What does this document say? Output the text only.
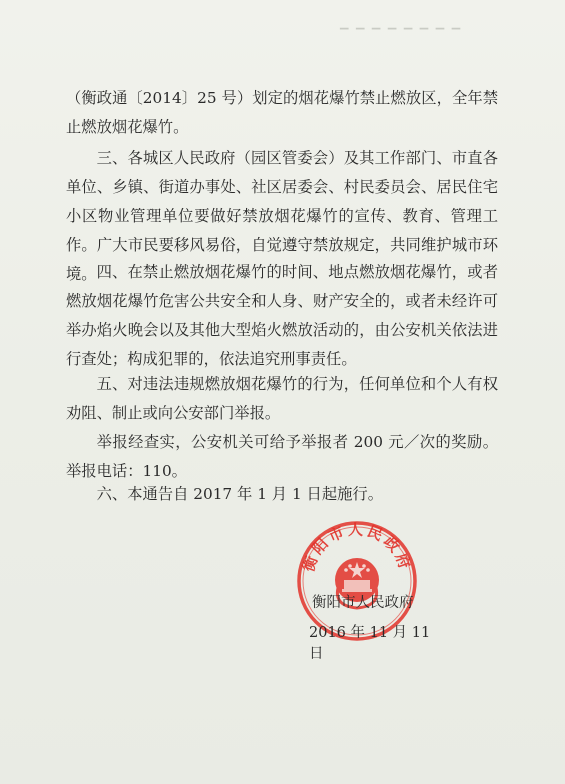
▔ ▔ ▔ ▔ ▔ ▔ ▔ ▔

（衡政通〔2014〕25 号）划定的烟花爆竹禁止燃放区，全年禁止燃放烟花爆竹。

三、各城区人民政府（园区管委会）及其工作部门、市直各单位、乡镇、街道办事处、社区居委会、村民委员会、居民住宅小区物业管理单位要做好禁放烟花爆竹的宣传、教育、管理工作。广大市民要移风易俗，自觉遵守禁放规定，共同维护城市环境。 四、在禁止燃放烟花爆竹的时间、地点燃放烟花爆竹，或者燃放烟花爆竹危害公共安全和人身、财产安全的，或者未经许可举办焰火晚会以及其他大型焰火燃放活动的，由公安机关依法进行查处；构成犯罪的，依法追究刑事责任。

五、对违法违规燃放烟花爆竹的行为，任何单位和个人有权劝阻、制止或向公安部门举报。

举报经查实，公安机关可给予举报者 200 元／次的奖励。举报电话：110。

六、本通告自 2017 年 1 月 1 日起施行。

衡阳市人民政府
衡阳市人民政府
2016 年 11 月 11 日
